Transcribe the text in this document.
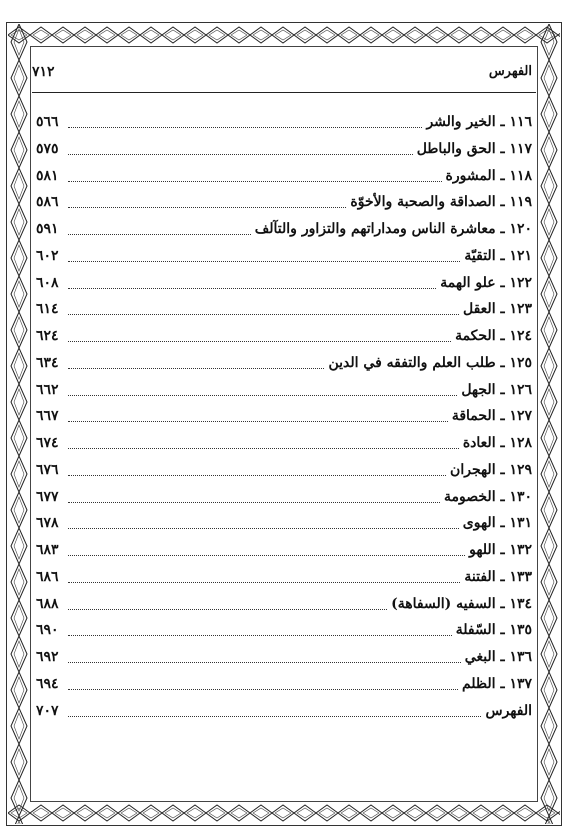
٧١٢	الفهرس
١١٦ ـ الخير والشر
٥٦٦
١١٧ ـ الحق والباطل
٥٧٥
١١٨ ـ المشورة
٥٨١
١١٩ ـ الصداقة والصحبة والأخوّة
٥٨٦
١٢٠ ـ معاشرة الناس ومداراتهم والتزاور والتآلف
٥٩١
١٢١ ـ التقيّة
٦٠٢
١٢٢ ـ علو الهمة
٦٠٨
١٢٣ ـ العقل
٦١٤
١٢٤ ـ الحكمة
٦٢٤
١٢٥ ـ طلب العلم والتفقه في الدين
٦٣٤
١٢٦ ـ الجهل
٦٦٢
١٢٧ ـ الحماقة
٦٦٧
١٢٨ ـ العادة
٦٧٤
١٢٩ ـ الهجران
٦٧٦
١٣٠ ـ الخصومة
٦٧٧
١٣١ ـ الهوى
٦٧٨
١٣٢ ـ اللهو
٦٨٣
١٣٣ ـ الفتنة
٦٨٦
١٣٤ ـ السفيه (السفاهة)
٦٨٨
١٣٥ ـ السّفلة
٦٩٠
١٣٦ ـ البغي
٦٩٢
١٣٧ ـ الظلم
٦٩٤
الفهرس
٧٠٧
